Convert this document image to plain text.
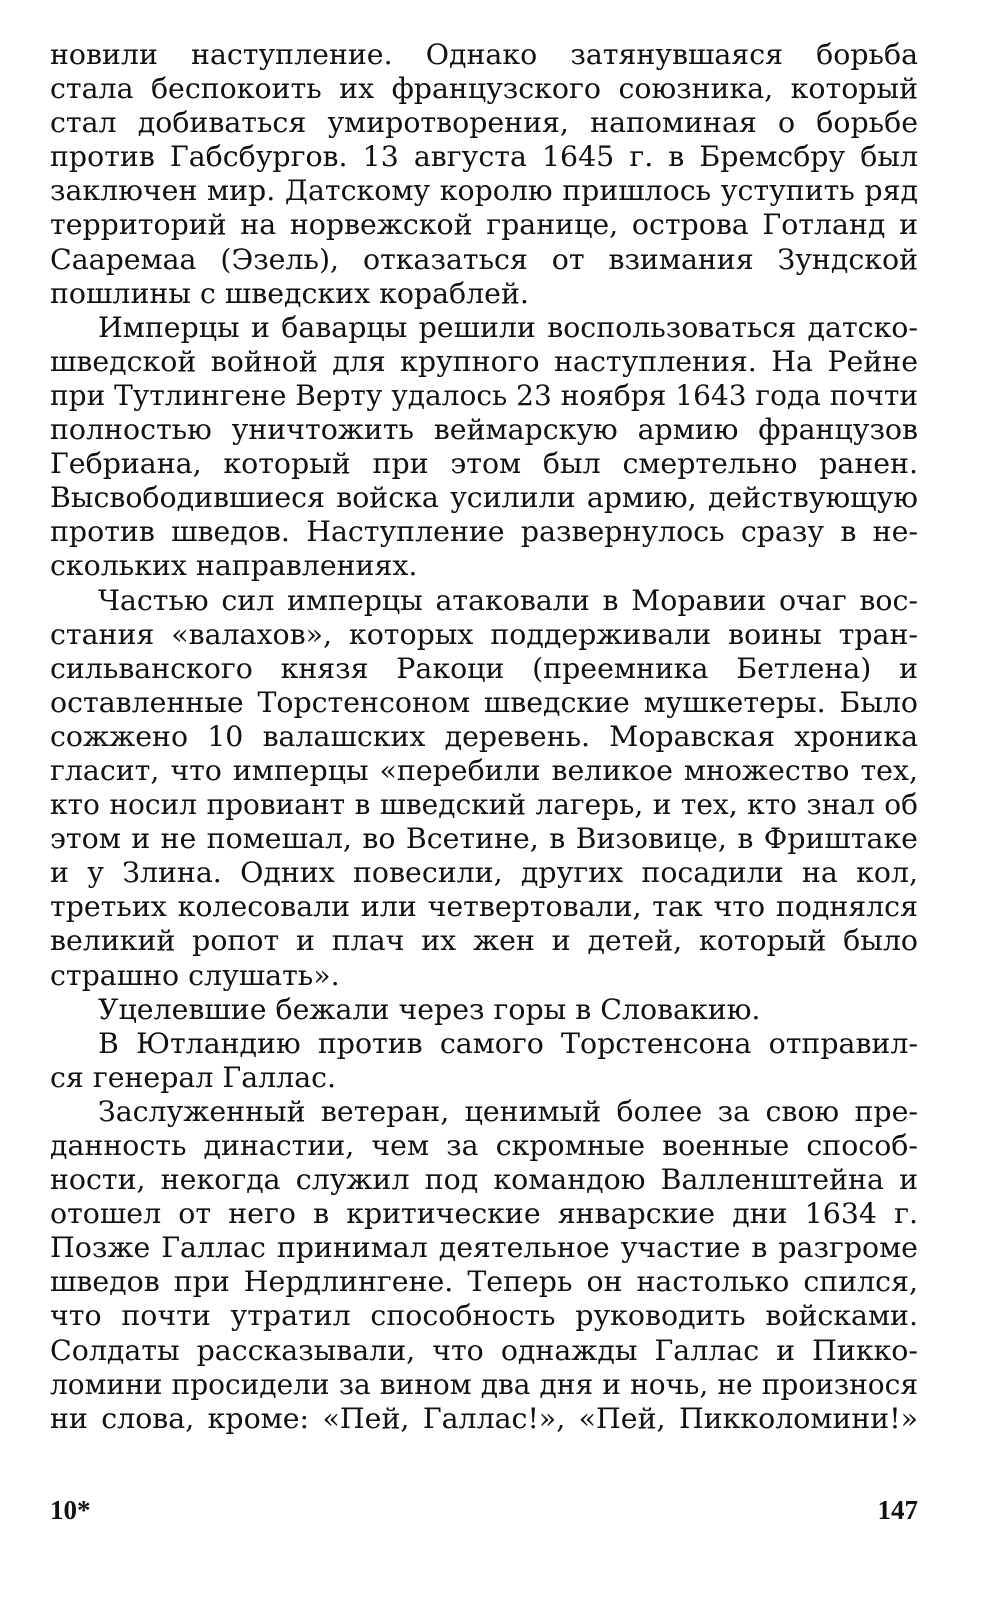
новили наступление. Однако затянувшаяся борьба
стала беспокоить их французского союзника, который
стал добиваться умиротворения, напоминая о борьбе
против Габсбургов. 13 августа 1645 г. в Бремсбру был
заключен мир. Датскому королю пришлось уступить ряд
территорий на норвежской границе, острова Готланд и
Сааремаа (Эзель), отказаться от взимания Зундской
пошлины с шведских кораблей.
Имперцы и баварцы решили воспользоваться датско-
шведской войной для крупного наступления. На Рейне
при Тутлингене Верту удалось 23 ноября 1643 года почти
полностью уничтожить веймарскую армию французов
Гебриана, который при этом был смертельно ранен.
Высвободившиеся войска усилили армию, действующую
против шведов. Наступление развернулось сразу в не-
скольких направлениях.
Частью сил имперцы атаковали в Моравии очаг вос-
стания «валахов», которых поддерживали воины тран-
сильванского князя Ракоци (преемника Бетлена) и
оставленные Торстенсоном шведские мушкетеры. Было
сожжено 10 валашских деревень. Моравская хроника
гласит, что имперцы «перебили великое множество тех,
кто носил провиант в шведский лагерь, и тех, кто знал об
этом и не помешал, во Всетине, в Визовице, в Фриштаке
и у Злина. Одних повесили, других посадили на кол,
третьих колесовали или четвертовали, так что поднялся
великий ропот и плач их жен и детей, который было
страшно слушать».
Уцелевшие бежали через горы в Словакию.
В Ютландию против самого Торстенсона отправил-
ся генерал Галлас.
Заслуженный ветеран, ценимый более за свою пре-
данность династии, чем за скромные военные способ-
ности, некогда служил под командою Валленштейна и
отошел от него в критические январские дни 1634 г.
Позже Галлас принимал деятельное участие в разгроме
шведов при Нердлингене. Теперь он настолько спился,
что почти утратил способность руководить войсками.
Солдаты рассказывали, что однажды Галлас и Пикко-
ломини просидели за вином два дня и ночь, не произнося
ни слова, кроме: «Пей, Галлас!», «Пей, Пикколомини!»
10*	147
